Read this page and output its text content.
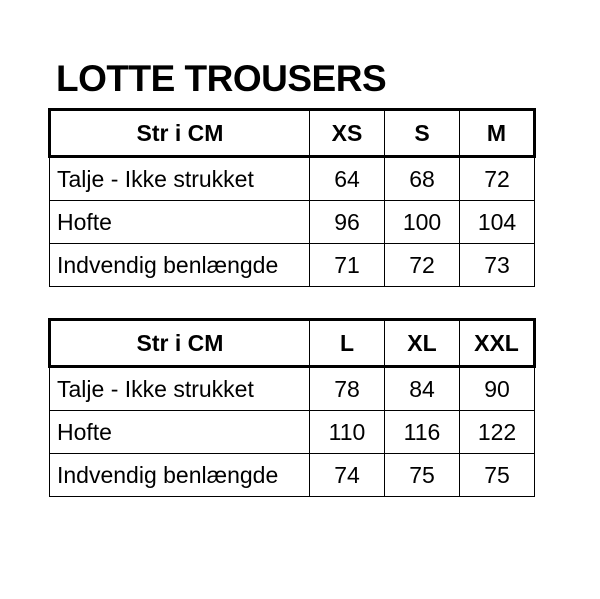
LOTTE TROUSERS
Str i CM	XS	S	M
Talje - Ikke strukket	64	68	72
Hofte	96	100	104
Indvendig benlængde	71	72	73
Str i CM	L	XL	XXL
Talje - Ikke strukket	78	84	90
Hofte	110	116	122
Indvendig benlængde	74	75	75
